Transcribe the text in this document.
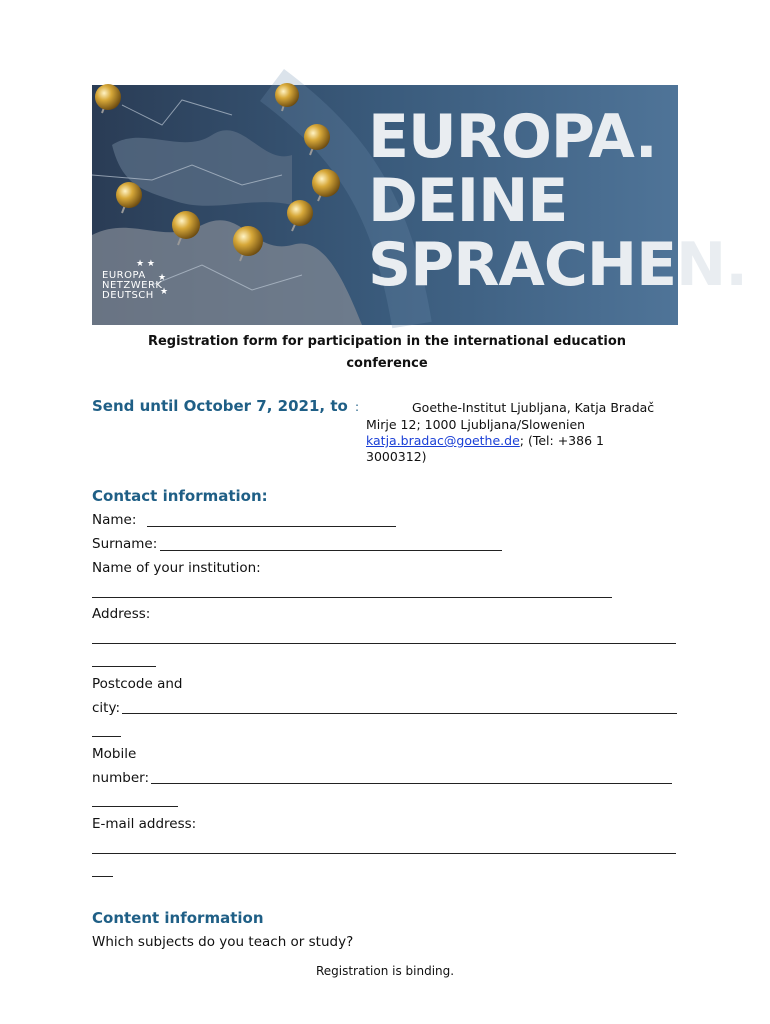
EUROPA.
DEINE
SPRACHEN.
★ ★
EUROPA
NETZWERK
DEUTSCH
★
★

Registration form for participation in the international education

conference

Send until October 7, 2021, to :	Goethe-Institut Ljubljana, Katja Bradač
Mirje 12; 1000 Ljubljana/Slowenien
katja.bradac@goethe.de; (Tel: +386 1
3000312)
Contact information:
Name:
Surname:
Name of your institution:
Address:
Postcode and
city:
Mobile
number:
E-mail address:
Content information
Which subjects do you teach or study?
Registration is binding.
